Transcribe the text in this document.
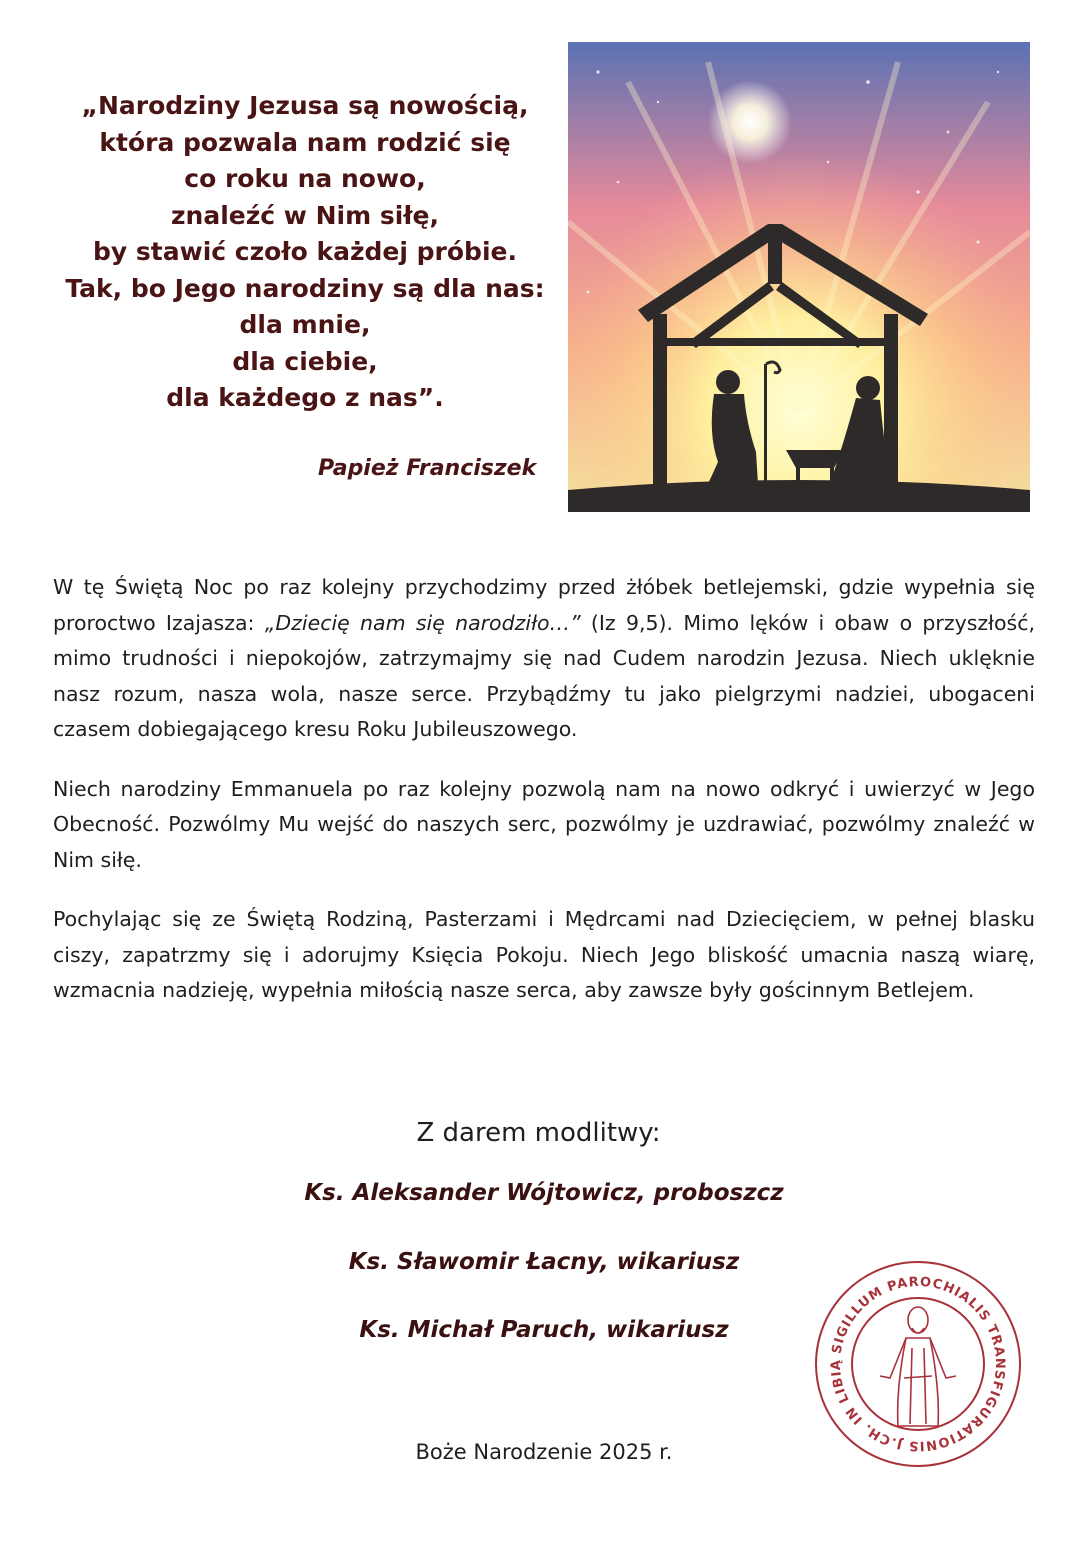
„Narodziny Jezusa są nowością,
która pozwala nam rodzić się
co roku na nowo,
znaleźć w Nim siłę,
by stawić czoło każdej próbie.
Tak, bo Jego narodziny są dla nas:
dla mnie,
dla ciebie,
dla każdego z nas”.
Papież Franciszek

W tę Świętą Noc po raz kolejny przychodzimy przed żłóbek betlejemski, gdzie wypełnia się proroctwo Izajasza: „Dziecię nam się narodziło…” (Iz 9,5). Mimo lęków i obaw o przyszłość, mimo trudności i niepokojów, zatrzymajmy się nad Cudem narodzin Jezusa. Niech uklęknie nasz rozum, nasza wola, nasze serce. Przybądźmy tu jako pielgrzymi nadziei, ubogaceni czasem dobiegającego kresu Roku Jubileuszowego.

Niech narodziny Emmanuela po raz kolejny pozwolą nam na nowo odkryć i uwierzyć w Jego Obecność. Pozwólmy Mu wejść do naszych serc, pozwólmy je uzdrawiać, pozwólmy znaleźć w Nim siłę.

Pochylając się ze Świętą Rodziną, Pasterzami i Mędrcami nad Dziecięciem, w pełnej blasku ciszy, zapatrzmy się i adorujmy Księcia Pokoju. Niech Jego bliskość umacnia naszą wiarę, wzmacnia nadzieję, wypełnia miłością nasze serca, aby zawsze były gościnnym Betlejem.

Z darem modlitwy:
Ks. Aleksander Wójtowicz, proboszcz
Ks. Sławomir Łacny, wikariusz
Ks. Michał Paruch, wikariusz
Boże Narodzenie 2025 r.
SIGILLUM PAROCHIALIS TRANSFIGURATIONIS J.CH. IN LIBIĄ
